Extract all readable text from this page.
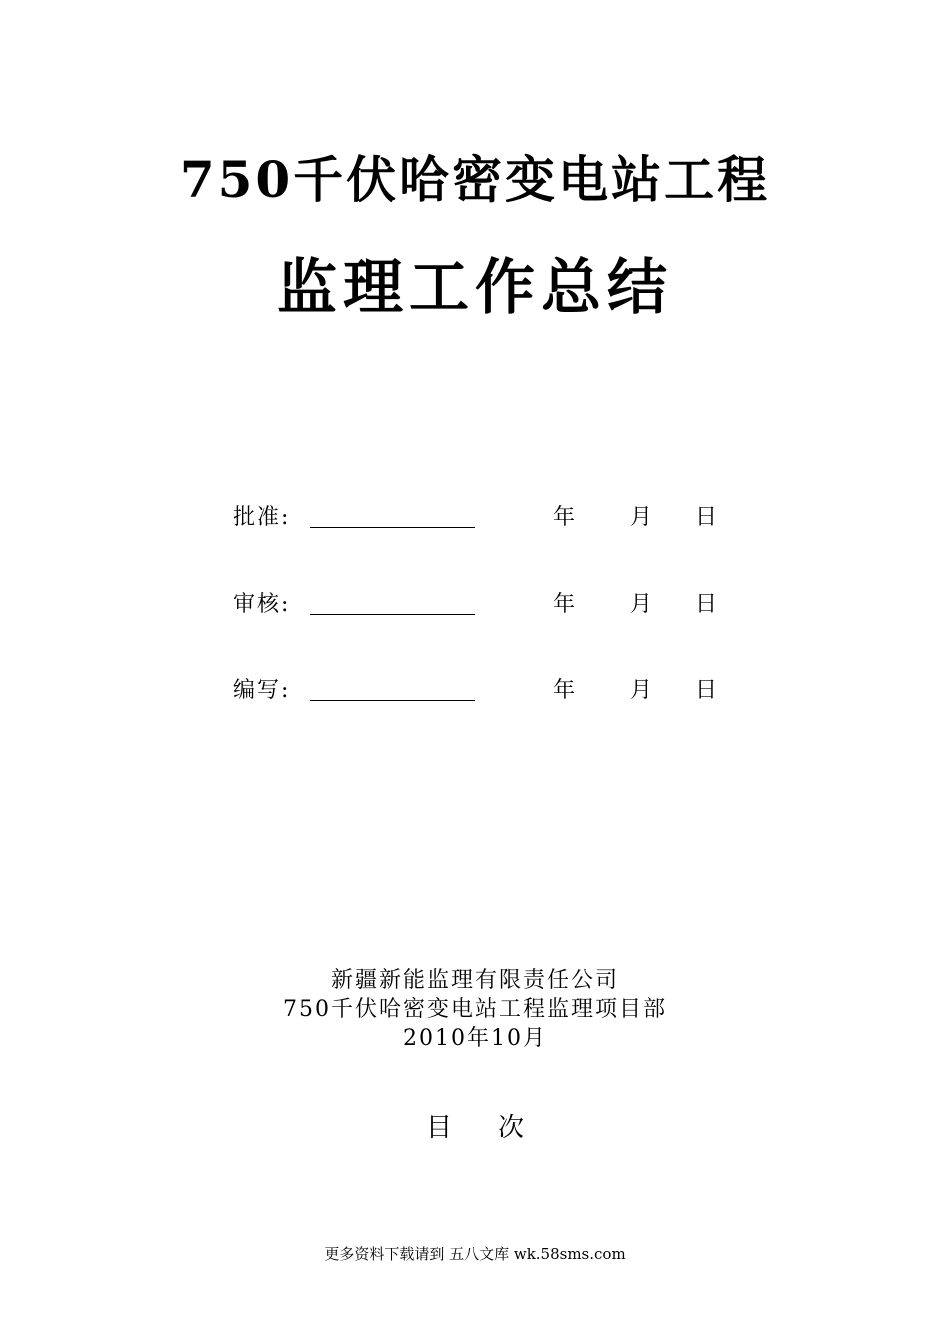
750千伏哈密变电站工程
监理工作总结
批准:	年 月 日
审核:	年 月 日
编写:	年 月 日
新疆新能监理有限责任公司
750千伏哈密变电站工程监理项目部
2010年10月
目 次
更多资料下载请到 五八文库 wk.58sms.com
